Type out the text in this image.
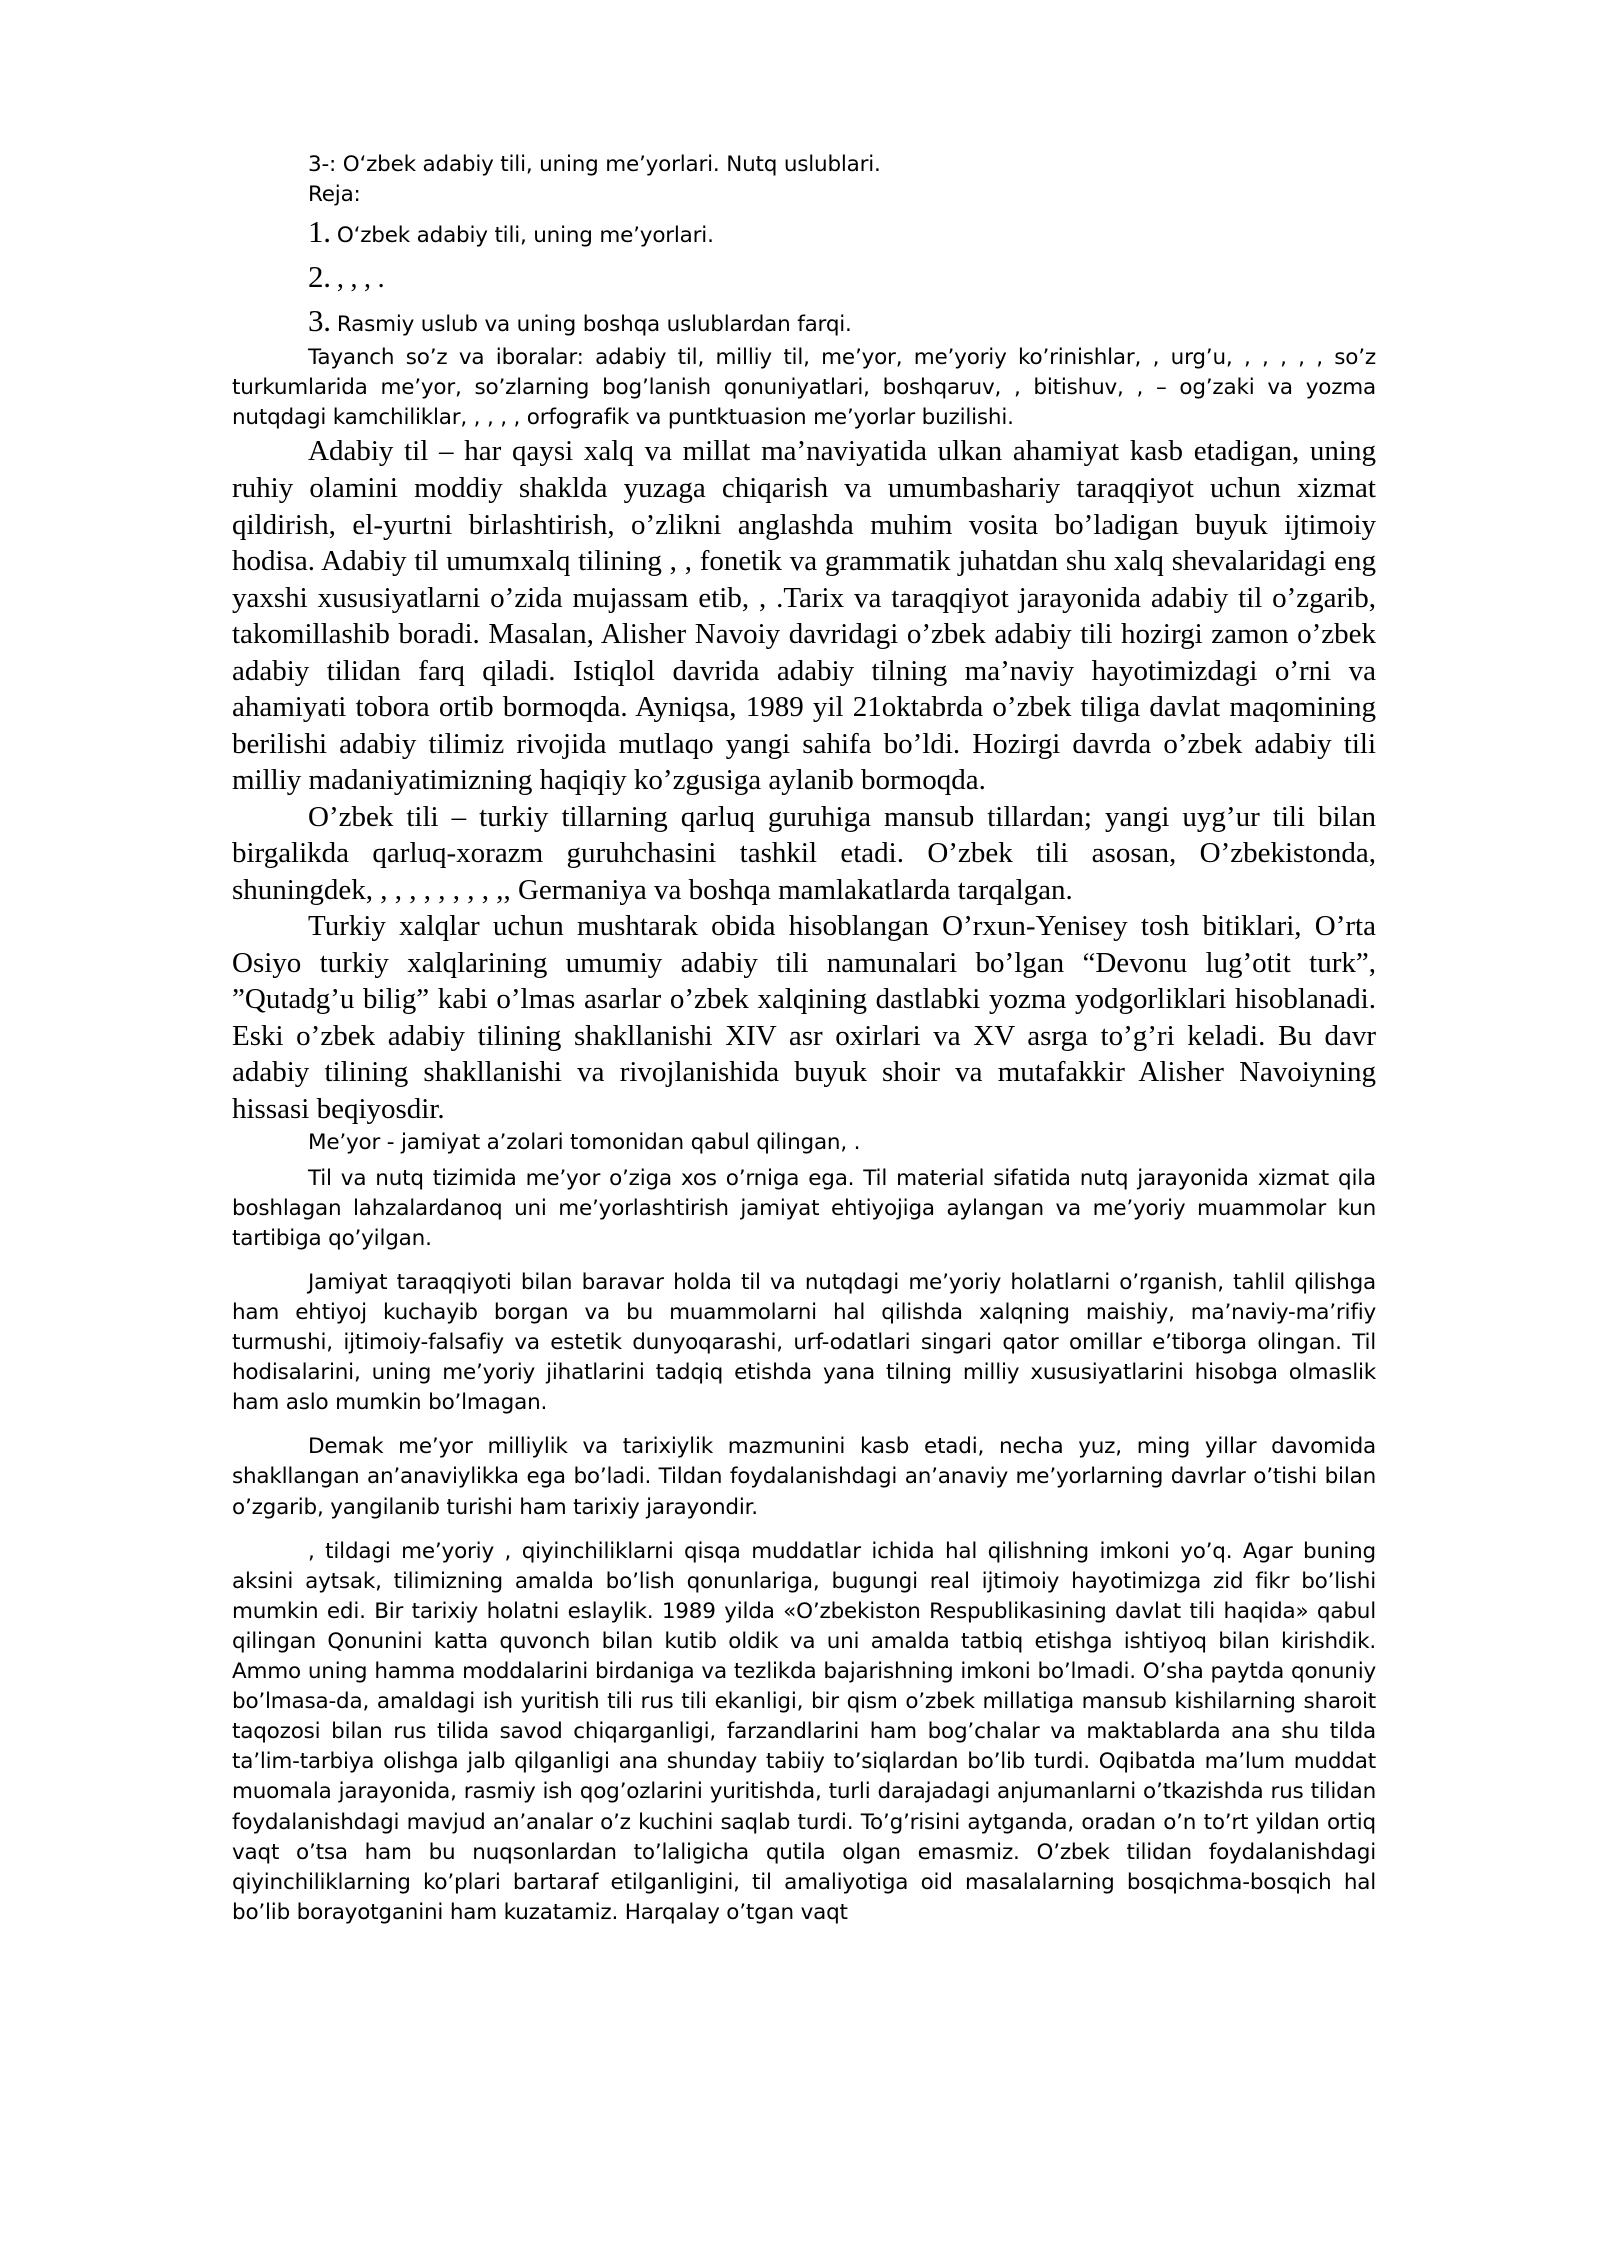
3-: Oʻzbek adabiy tili, uning me’yorlari. Nutq uslublari.
Reja:
1. Oʻzbek adabiy tili, uning me’yorlari.
2. , , , .
3. Rasmiy uslub va uning boshqa uslublardan farqi.

Tayanch so’z va iboralar: adabiy til, milliy til, me’yor, me’yoriy ko’rinishlar, , urg’u, , , , , , so’z turkumlarida me’yor, so’zlarning bog’lanish qonuniyatlari, boshqaruv, , bitishuv, , – og’zaki va yozma nutqdagi kamchiliklar, , , , , orfografik va puntktuasion me’yorlar buzilishi.

Adabiy til – har qaysi xalq va millat ma’naviyatida ulkan ahamiyat kasb etadigan, uning ruhiy olamini moddiy shaklda yuzaga chiqarish va umumbashariy taraqqiyot uchun xizmat qildirish, el-yurtni birlashtirish, o’zlikni anglashda muhim vosita bo’ladigan buyuk ijtimoiy hodisa. Adabiy til umumxalq tilining , , fonetik va grammatik juhatdan shu xalq shevalaridagi eng yaxshi xususiyatlarni o’zida mujassam etib, , .Tarix va taraqqiyot jarayonida adabiy til o’zgarib, takomillashib boradi. Masalan, Alisher Navoiy davridagi o’zbek adabiy tili hozirgi zamon o’zbek adabiy tilidan farq qiladi. Istiqlol davrida adabiy tilning ma’naviy hayotimizdagi o’rni va ahamiyati tobora ortib bormoqda. Ayniqsa, 1989 yil 21oktabrda o’zbek tiliga davlat maqomining berilishi adabiy tilimiz rivojida mutlaqo yangi sahifa bo’ldi. Hozirgi davrda o’zbek adabiy tili milliy madaniyatimizning haqiqiy ko’zgusiga aylanib bormoqda.

O’zbek tili – turkiy tillarning qarluq guruhiga mansub tillardan; yangi uyg’ur tili bilan birgalikda qarluq-xorazm guruhchasini tashkil etadi. O’zbek tili asosan, O’zbekistonda, shuningdek, , , , , , , , , ,, Germaniya va boshqa mamlakatlarda tarqalgan.

Turkiy xalqlar uchun mushtarak obida hisoblangan O’rxun-Yenisey tosh bitiklari, O’rta Osiyo turkiy xalqlarining umumiy adabiy tili namunalari bo’lgan “Devonu lug’otit turk”, ”Qutadg’u bilig” kabi o’lmas asarlar o’zbek xalqining dastlabki yozma yodgorliklari hisoblanadi. Eski o’zbek adabiy tilining shakllanishi XIV asr oxirlari va XV asrga to’g’ri keladi. Bu davr adabiy tilining shakllanishi va rivojlanishida buyuk shoir va mutafakkir Alisher Navoiyning hissasi beqiyosdir.

Me’yor - jamiyat a’zolari tomonidan qabul qilingan, .

Til va nutq tizimida me’yor o’ziga xos o’rniga ega. Til material sifatida nutq jarayonida xizmat qila boshlagan lahzalardanoq uni me’yorlashtirish jamiyat ehtiyojiga aylangan va me’yoriy muammolar kun tartibiga qo’yilgan.

Jamiyat taraqqiyoti bilan baravar holda til va nutqdagi me’yoriy holatlarni o’rganish, tahlil qilishga ham ehtiyoj kuchayib borgan va bu muammolarni hal qilishda xalqning maishiy, ma’naviy-ma’rifiy turmushi, ijtimoiy-falsafiy va estetik dunyoqarashi, urf-odatlari singari qator omillar e’tiborga olingan. Til hodisalarini, uning me’yoriy jihatlarini tadqiq etishda yana tilning milliy xususiyatlarini hisobga olmaslik ham aslo mumkin bo’lmagan.

Demak me’yor milliylik va tarixiylik mazmunini kasb etadi, necha yuz, ming yillar davomida shakllangan an’anaviylikka ega bo’ladi. Tildan foydalanishdagi an’anaviy me’yorlarning davrlar o’tishi bilan o’zgarib, yangilanib turishi ham tarixiy jarayondir.

, tildagi me’yoriy , qiyinchiliklarni qisqa muddatlar ichida hal qilishning imkoni yo’q. Agar buning aksini aytsak, tilimizning amalda bo’lish qonunlariga, bugungi real ijtimoiy hayotimizga zid fikr bo’lishi mumkin edi. Bir tarixiy holatni eslaylik. 1989 yilda «O’zbekiston Respublikasining davlat tili haqida» qabul qilingan Qonunini katta quvonch bilan kutib oldik va uni amalda tatbiq etishga ishtiyoq bilan kirishdik. Ammo uning hamma moddalarini birdaniga va tezlikda bajarishning imkoni bo’lmadi. O’sha paytda qonuniy bo’lmasa-da, amaldagi ish yuritish tili rus tili ekanligi, bir qism o’zbek millatiga mansub kishilarning sharoit taqozosi bilan rus tilida savod chiqarganligi, farzandlarini ham bog’chalar va maktablarda ana shu tilda ta’lim-tarbiya olishga jalb qilganligi ana shunday tabiiy to’siqlardan bo’lib turdi. Oqibatda ma’lum muddat muomala jarayonida, rasmiy ish qog’ozlarini yuritishda, turli darajadagi anjumanlarni o’tkazishda rus tilidan foydalanishdagi mavjud an’analar o’z kuchini saqlab turdi. To’g’risini aytganda, oradan o’n to’rt yildan ortiq vaqt o’tsa ham bu nuqsonlardan to’laligicha qutila olgan emasmiz. O’zbek tilidan foydalanishdagi qiyinchiliklarning ko’plari bartaraf etilganligini, til amaliyotiga oid masalalarning bosqichma-bosqich hal bo’lib borayotganini ham kuzatamiz. Harqalay o’tgan vaqt
